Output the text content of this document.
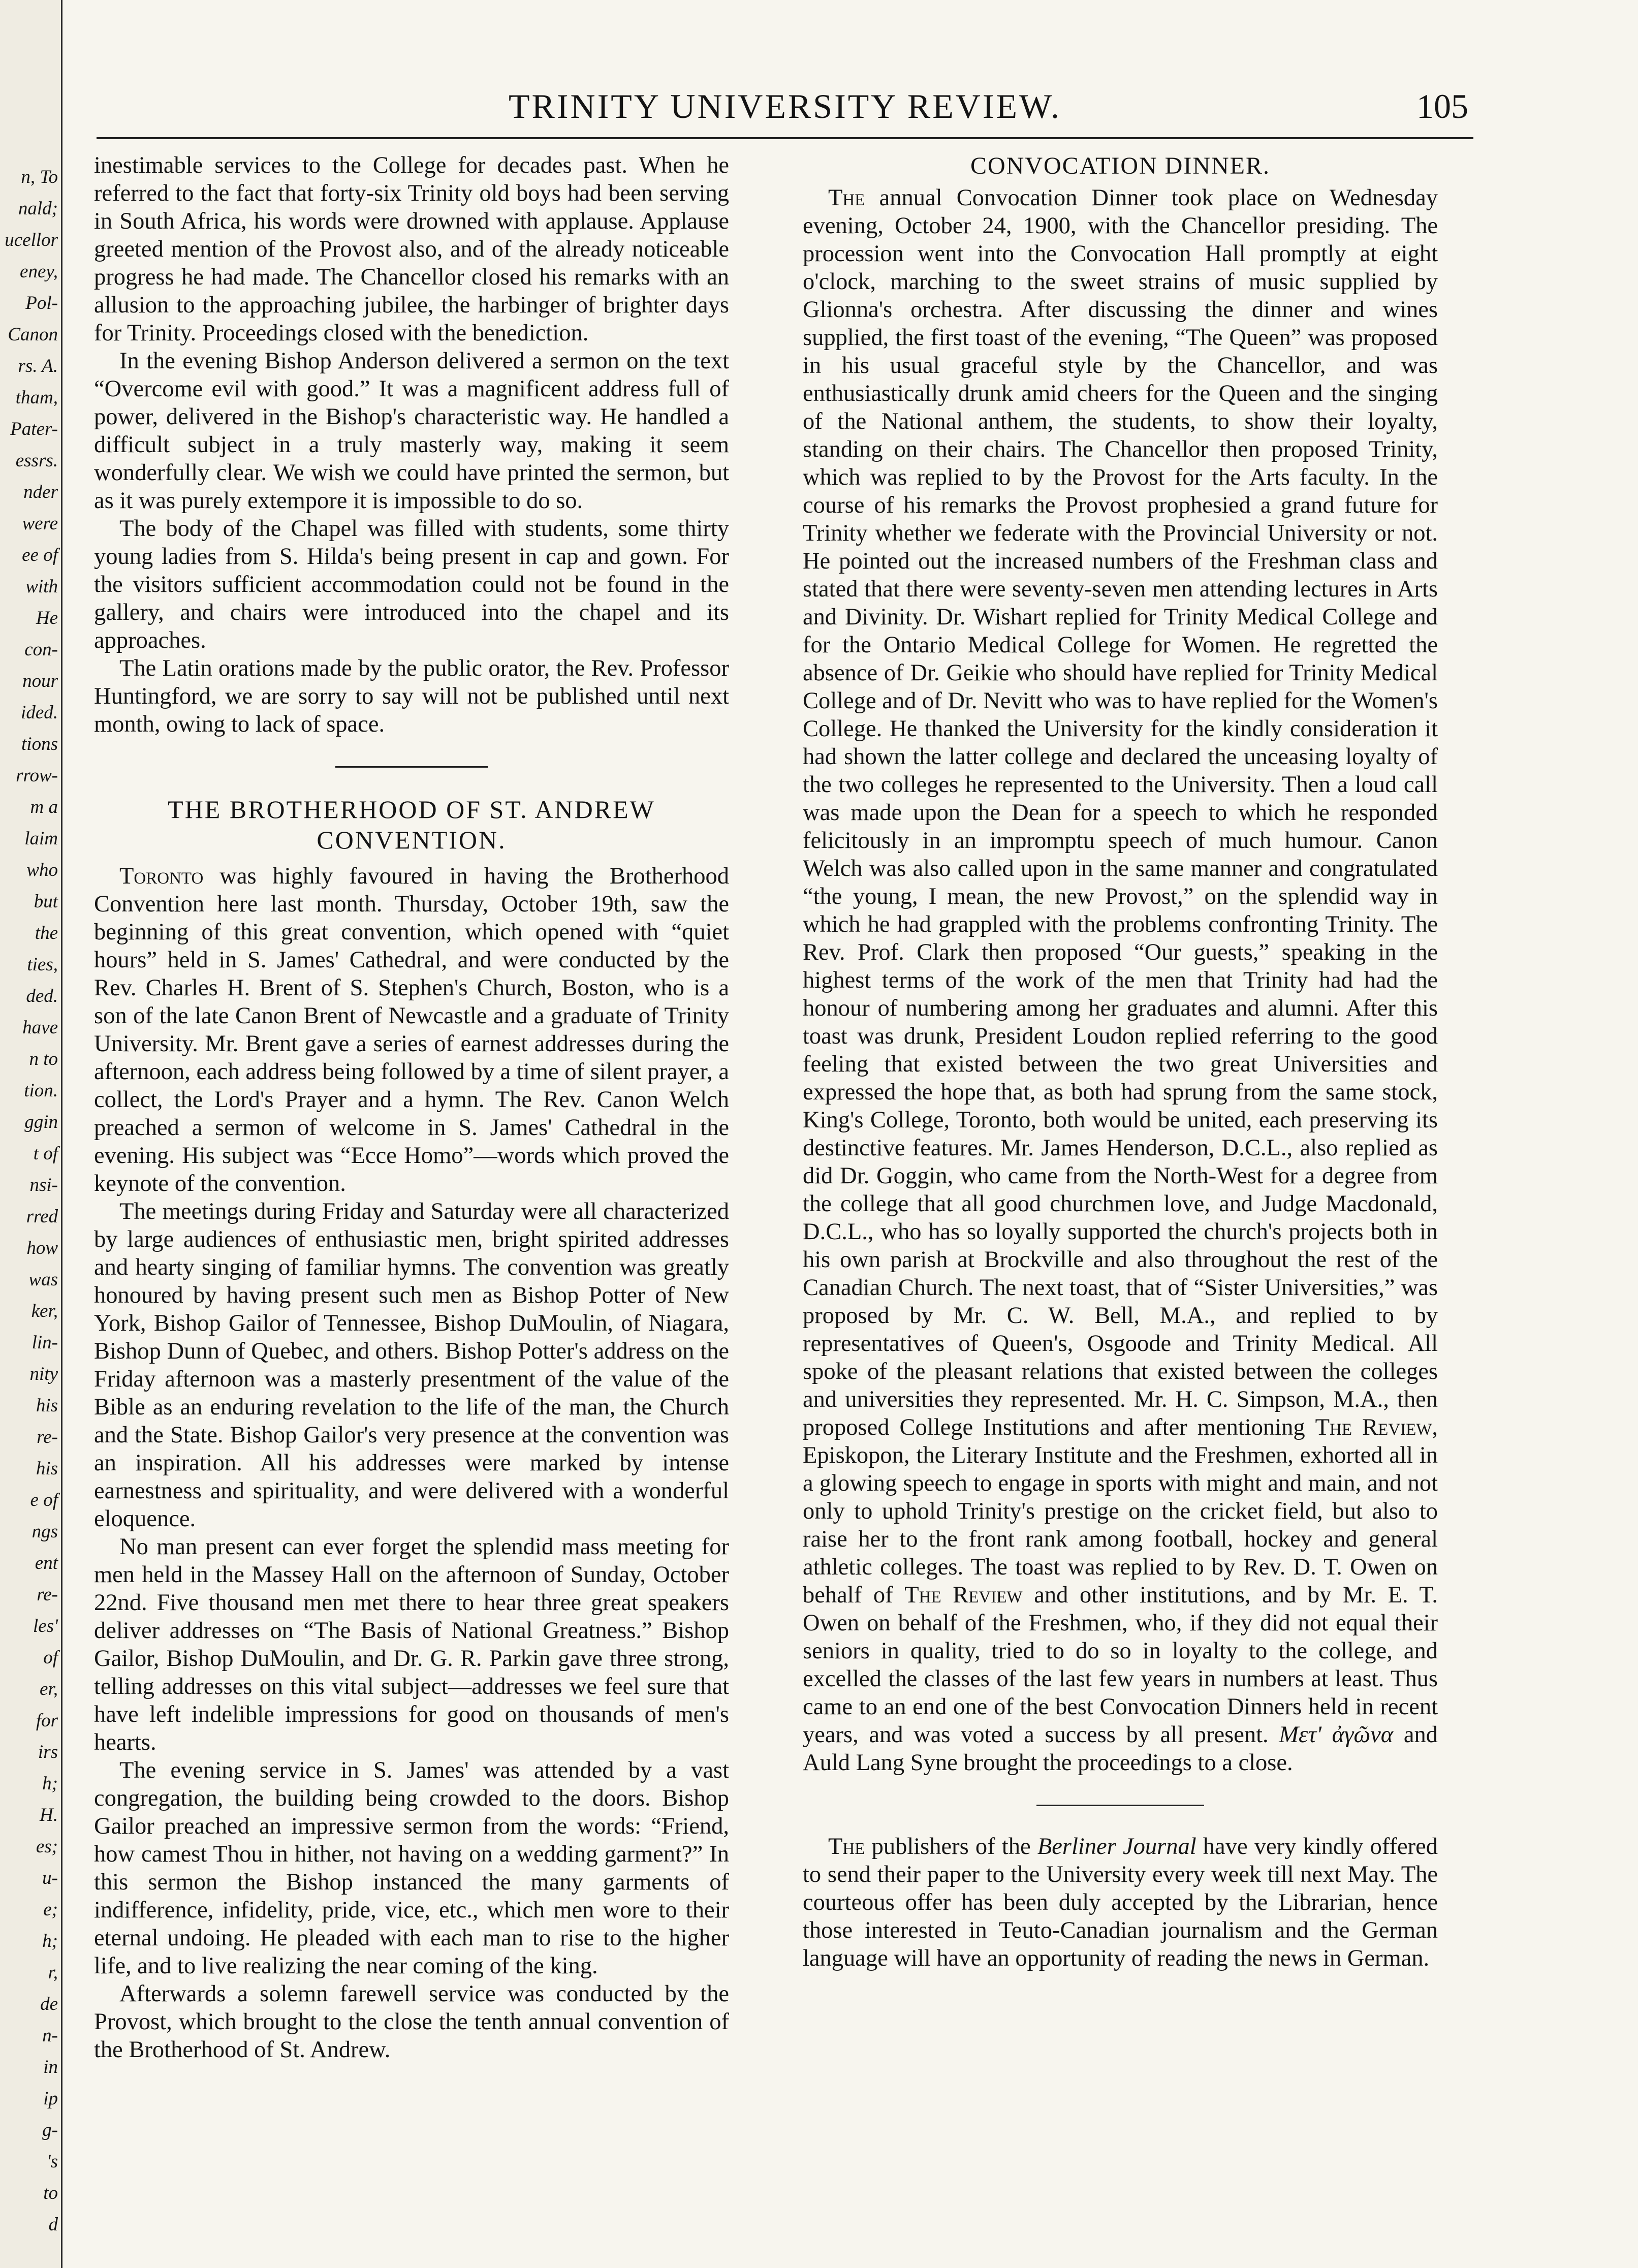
n, To
nald;
ucellor
eney,
Pol-
Canon
rs. A.
tham,
Pater-
essrs.
nder
were
ee of
with
He
con-
nour
ided.
tions
rrow-
m a
laim
who
but
the
ties,
ded.
have
n to
tion.
ggin
t of
nsi-
rred
how
was
ker,
lin-
nity
his
re-
his
e of
ngs
ent
re-
les'
of
er,
for
irs
h;
H.
es;
u-
e;
h;
r,
de
n-
in
ip
g-
's
to
d
TRINITY UNIVERSITY REVIEW.	105

inestimable services to the College for decades past. When he referred to the fact that forty-six Trinity old boys had been serving in South Africa, his words were drowned with applause. Applause greeted mention of the Provost also, and of the already noticeable progress he had made. The Chancellor closed his remarks with an allusion to the approaching jubilee, the harbinger of brighter days for Trinity. Proceedings closed with the benediction.

In the evening Bishop Anderson delivered a sermon on the text “Overcome evil with good.” It was a magnificent address full of power, delivered in the Bishop's characteristic way. He handled a difficult subject in a truly masterly way, making it seem wonderfully clear. We wish we could have printed the sermon, but as it was purely extempore it is impossible to do so.

The body of the Chapel was filled with students, some thirty young ladies from S. Hilda's being present in cap and gown. For the visitors sufficient accommodation could not be found in the gallery, and chairs were introduced into the chapel and its approaches.

The Latin orations made by the public orator, the Rev. Professor Huntingford, we are sorry to say will not be published until next month, owing to lack of space.

THE BROTHERHOOD OF ST. ANDREW CONVENTION.

Toronto was highly favoured in having the Brotherhood Convention here last month. Thursday, October 19th, saw the beginning of this great convention, which opened with “quiet hours” held in S. James' Cathedral, and were conducted by the Rev. Charles H. Brent of S. Stephen's Church, Boston, who is a son of the late Canon Brent of Newcastle and a graduate of Trinity University. Mr. Brent gave a series of earnest addresses during the afternoon, each address being followed by a time of silent prayer, a collect, the Lord's Prayer and a hymn. The Rev. Canon Welch preached a sermon of welcome in S. James' Cathedral in the evening. His subject was “Ecce Homo”—words which proved the keynote of the convention.

The meetings during Friday and Saturday were all characterized by large audiences of enthusiastic men, bright spirited addresses and hearty singing of familiar hymns. The convention was greatly honoured by having present such men as Bishop Potter of New York, Bishop Gailor of Tennessee, Bishop DuMoulin, of Niagara, Bishop Dunn of Quebec, and others. Bishop Potter's address on the Friday afternoon was a masterly presentment of the value of the Bible as an enduring revelation to the life of the man, the Church and the State. Bishop Gailor's very presence at the convention was an inspiration. All his addresses were marked by intense earnestness and spirituality, and were delivered with a wonderful eloquence.

No man present can ever forget the splendid mass meeting for men held in the Massey Hall on the afternoon of Sunday, October 22nd. Five thousand men met there to hear three great speakers deliver addresses on “The Basis of National Greatness.” Bishop Gailor, Bishop DuMoulin, and Dr. G. R. Parkin gave three strong, telling addresses on this vital subject—addresses we feel sure that have left indelible impressions for good on thousands of men's hearts.

The evening service in S. James' was attended by a vast congregation, the building being crowded to the doors. Bishop Gailor preached an impressive sermon from the words: “Friend, how camest Thou in hither, not having on a wedding garment?” In this sermon the Bishop instanced the many garments of indifference, infidelity, pride, vice, etc., which men wore to their eternal undoing. He pleaded with each man to rise to the higher life, and to live realizing the near coming of the king.

Afterwards a solemn farewell service was conducted by the Provost, which brought to the close the tenth annual convention of the Brotherhood of St. Andrew.

CONVOCATION DINNER.

The annual Convocation Dinner took place on Wednesday evening, October 24, 1900, with the Chancellor presiding. The procession went into the Convocation Hall promptly at eight o'clock, marching to the sweet strains of music supplied by Glionna's orchestra. After discussing the dinner and wines supplied, the first toast of the evening, “The Queen” was proposed in his usual graceful style by the Chancellor, and was enthusiastically drunk amid cheers for the Queen and the singing of the National anthem, the students, to show their loyalty, standing on their chairs. The Chancellor then proposed Trinity, which was replied to by the Provost for the Arts faculty. In the course of his remarks the Provost prophesied a grand future for Trinity whether we federate with the Provincial University or not. He pointed out the increased numbers of the Freshman class and stated that there were seventy-seven men attending lectures in Arts and Divinity. Dr. Wishart replied for Trinity Medical College and for the Ontario Medical College for Women. He regretted the absence of Dr. Geikie who should have replied for Trinity Medical College and of Dr. Nevitt who was to have replied for the Women's College. He thanked the University for the kindly consideration it had shown the latter college and declared the unceasing loyalty of the two colleges he represented to the University. Then a loud call was made upon the Dean for a speech to which he responded felicitously in an impromptu speech of much humour. Canon Welch was also called upon in the same manner and congratulated “the young, I mean, the new Provost,” on the splendid way in which he had grappled with the problems confronting Trinity. The Rev. Prof. Clark then proposed “Our guests,” speaking in the highest terms of the work of the men that Trinity had had the honour of numbering among her graduates and alumni. After this toast was drunk, President Loudon replied referring to the good feeling that existed between the two great Universities and expressed the hope that, as both had sprung from the same stock, King's College, Toronto, both would be united, each preserving its destinctive features. Mr. James Henderson, D.C.L., also replied as did Dr. Goggin, who came from the North-West for a degree from the college that all good churchmen love, and Judge Macdonald, D.C.L., who has so loyally supported the church's projects both in his own parish at Brockville and also throughout the rest of the Canadian Church. The next toast, that of “Sister Universities,” was proposed by Mr. C. W. Bell, M.A., and replied to by representatives of Queen's, Osgoode and Trinity Medical. All spoke of the pleasant relations that existed between the colleges and universities they represented. Mr. H. C. Simpson, M.A., then proposed College Institutions and after mentioning The Review, Episkopon, the Literary Institute and the Freshmen, exhorted all in a glowing speech to engage in sports with might and main, and not only to uphold Trinity's prestige on the cricket field, but also to raise her to the front rank among football, hockey and general athletic colleges. The toast was replied to by Rev. D. T. Owen on behalf of The Review and other institutions, and by Mr. E. T. Owen on behalf of the Freshmen, who, if they did not equal their seniors in quality, tried to do so in loyalty to the college, and excelled the classes of the last few years in numbers at least. Thus came to an end one of the best Convocation Dinners held in recent years, and was voted a success by all present. Μετ' ἀγῶνα and Auld Lang Syne brought the proceedings to a close.

The publishers of the Berliner Journal have very kindly offered to send their paper to the University every week till next May. The courteous offer has been duly accepted by the Librarian, hence those interested in Teuto-Canadian journalism and the German language will have an opportunity of reading the news in German.
